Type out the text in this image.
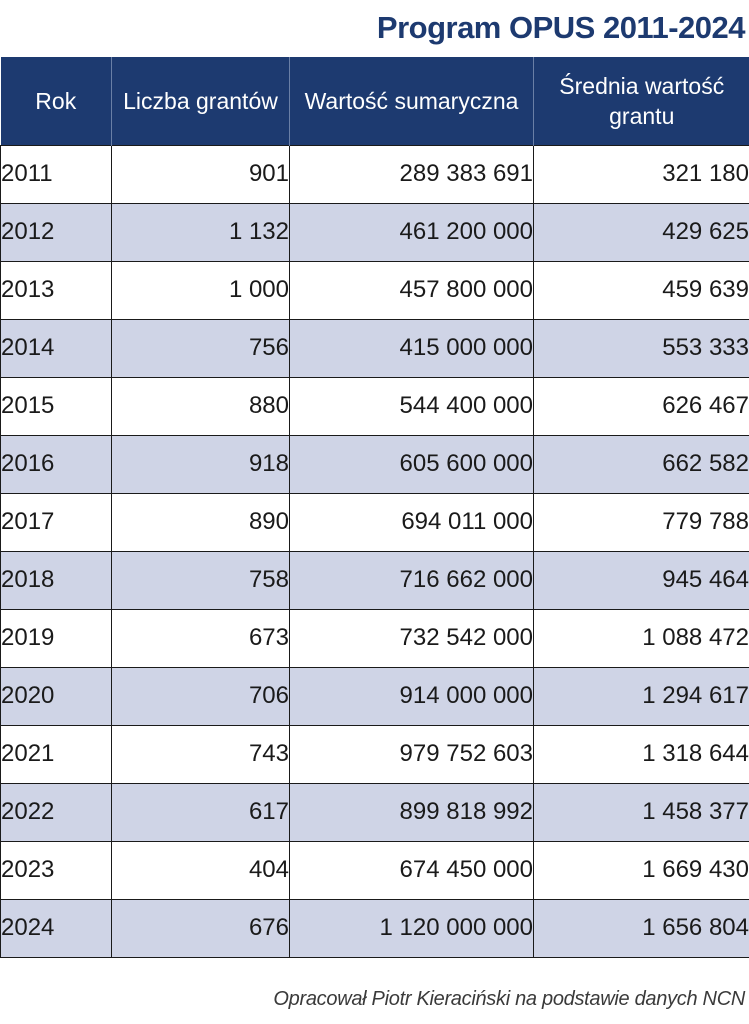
Program OPUS 2011-2024
Rok	Liczba grantów	Wartość sumaryczna	Średnia wartość grantu
2011	901	289 383 691	321 180
2012	1 132	461 200 000	429 625
2013	1 000	457 800 000	459 639
2014	756	415 000 000	553 333
2015	880	544 400 000	626 467
2016	918	605 600 000	662 582
2017	890	694 011 000	779 788
2018	758	716 662 000	945 464
2019	673	732 542 000	1 088 472
2020	706	914 000 000	1 294 617
2021	743	979 752 603	1 318 644
2022	617	899 818 992	1 458 377
2023	404	674 450 000	1 669 430
2024	676	1 120 000 000	1 656 804

Opracował Piotr Kieraciński na podstawie danych NCN
